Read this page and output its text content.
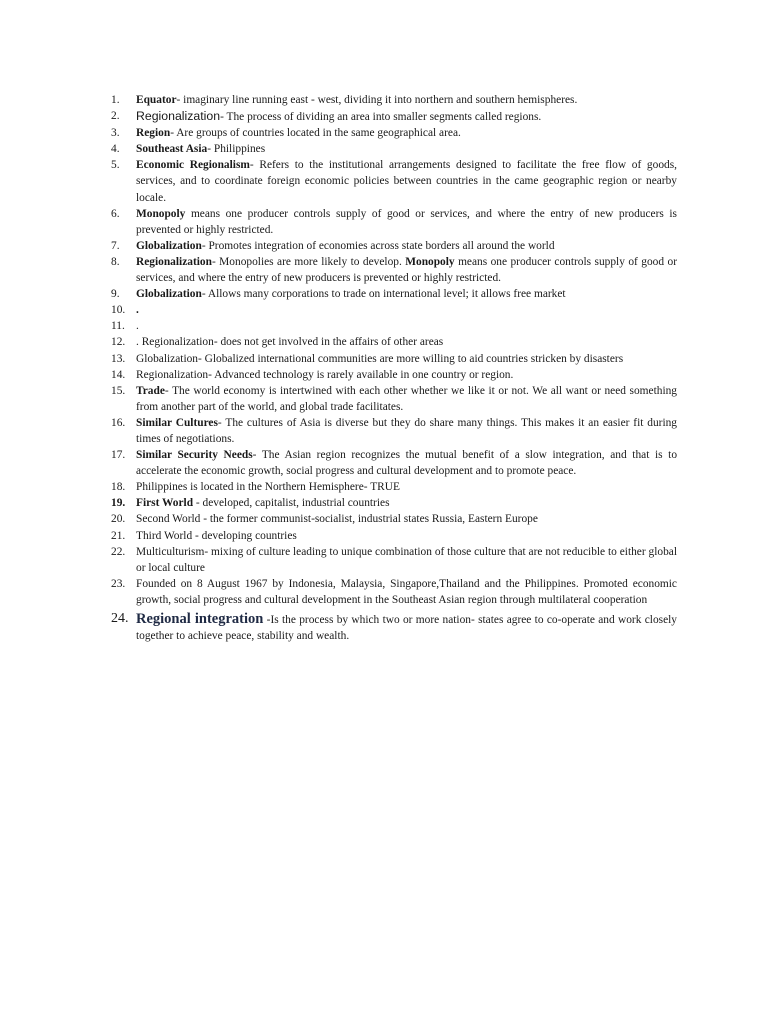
1.	Equator- imaginary line running east - west, dividing it into northern and southern hemispheres.
2.	Regionalization- The process of dividing an area into smaller segments called regions.
3.	Region- Are groups of countries located in the same geographical area.
4.	Southeast Asia- Philippines
5.	Economic Regionalism- Refers to the institutional arrangements designed to facilitate the free flow of goods, services, and to coordinate foreign economic policies between countries in the came geographic region or nearby locale.
6.	Monopoly means one producer controls supply of good or services, and where the entry of new producers is prevented or highly restricted.
7.	Globalization- Promotes integration of economies across state borders all around the world
8.	Regionalization- Monopolies are more likely to develop. Monopoly means one producer controls supply of good or services, and where the entry of new producers is prevented or highly restricted.
9.	Globalization- Allows many corporations to trade on international level; it allows free market
10. .
11. .
12. . Regionalization- does not get involved in the affairs of other areas
13. Globalization- Globalized international communities are more willing to aid countries stricken by disasters
14. Regionalization- Advanced technology is rarely available in one country or region.
15. Trade- The world economy is intertwined with each other whether we like it or not. We all want or need something from another part of the world, and global trade facilitates.
16. Similar Cultures- The cultures of Asia is diverse but they do share many things. This makes it an easier fit during times of negotiations.
17. Similar Security Needs- The Asian region recognizes the mutual benefit of a slow integration, and that is to accelerate the economic growth, social progress and cultural development and to promote peace.
18. Philippines is located in the Northern Hemisphere- TRUE
19. First World - developed, capitalist, industrial countries
20. Second World - the former communist-socialist, industrial states Russia, Eastern Europe
21. Third World - developing countries
22. Multiculturism- mixing of culture leading to unique combination of those culture that are not reducible to either global or local culture
23. Founded on 8 August 1967 by Indonesia, Malaysia, Singapore,Thailand and the Philippines. Promoted economic growth, social progress and cultural development in the Southeast Asian region through multilateral cooperation
24. Regional integration -Is the process by which two or more nation- states agree to co-operate and work closely together to achieve peace, stability and wealth.
